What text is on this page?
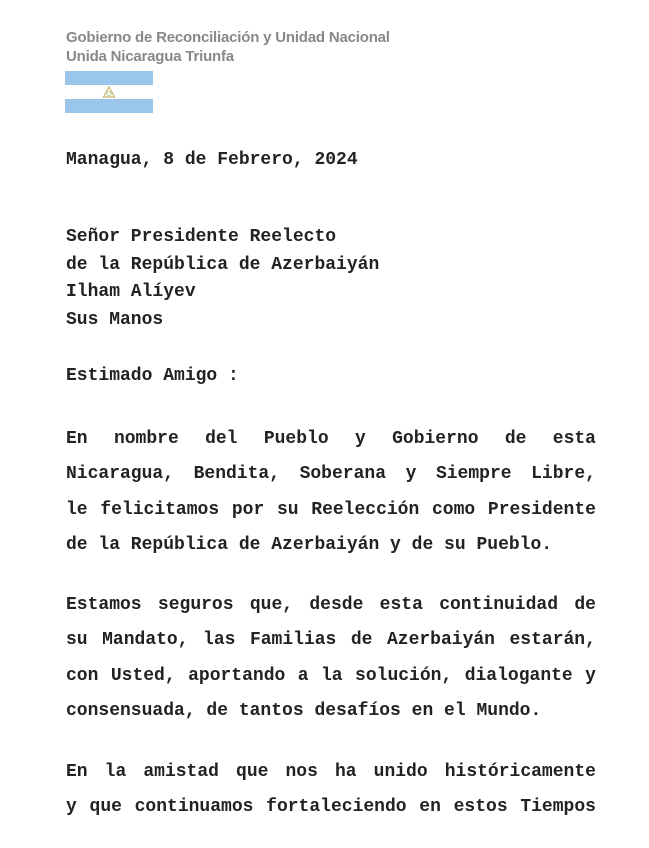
Gobierno de Reconciliación y Unidad Nacional
Unida Nicaragua Triunfa
Managua, 8 de Febrero, 2024
Señor Presidente Reelecto
de la República de Azerbaiyán
Ilham Alíyev
Sus Manos
Estimado Amigo :
En nombre del Pueblo y Gobierno de esta
Nicaragua, Bendita, Soberana y Siempre Libre,
le felicitamos por su Reelección como Presidente
de la República de Azerbaiyán y de su Pueblo.
Estamos seguros que, desde esta continuidad de
su Mandato, las Familias de Azerbaiyán estarán,
con Usted, aportando a la solución, dialogante y
consensuada, de tantos desafíos en el Mundo.
En la amistad que nos ha unido históricamente
y que continuamos fortaleciendo en estos Tiempos
